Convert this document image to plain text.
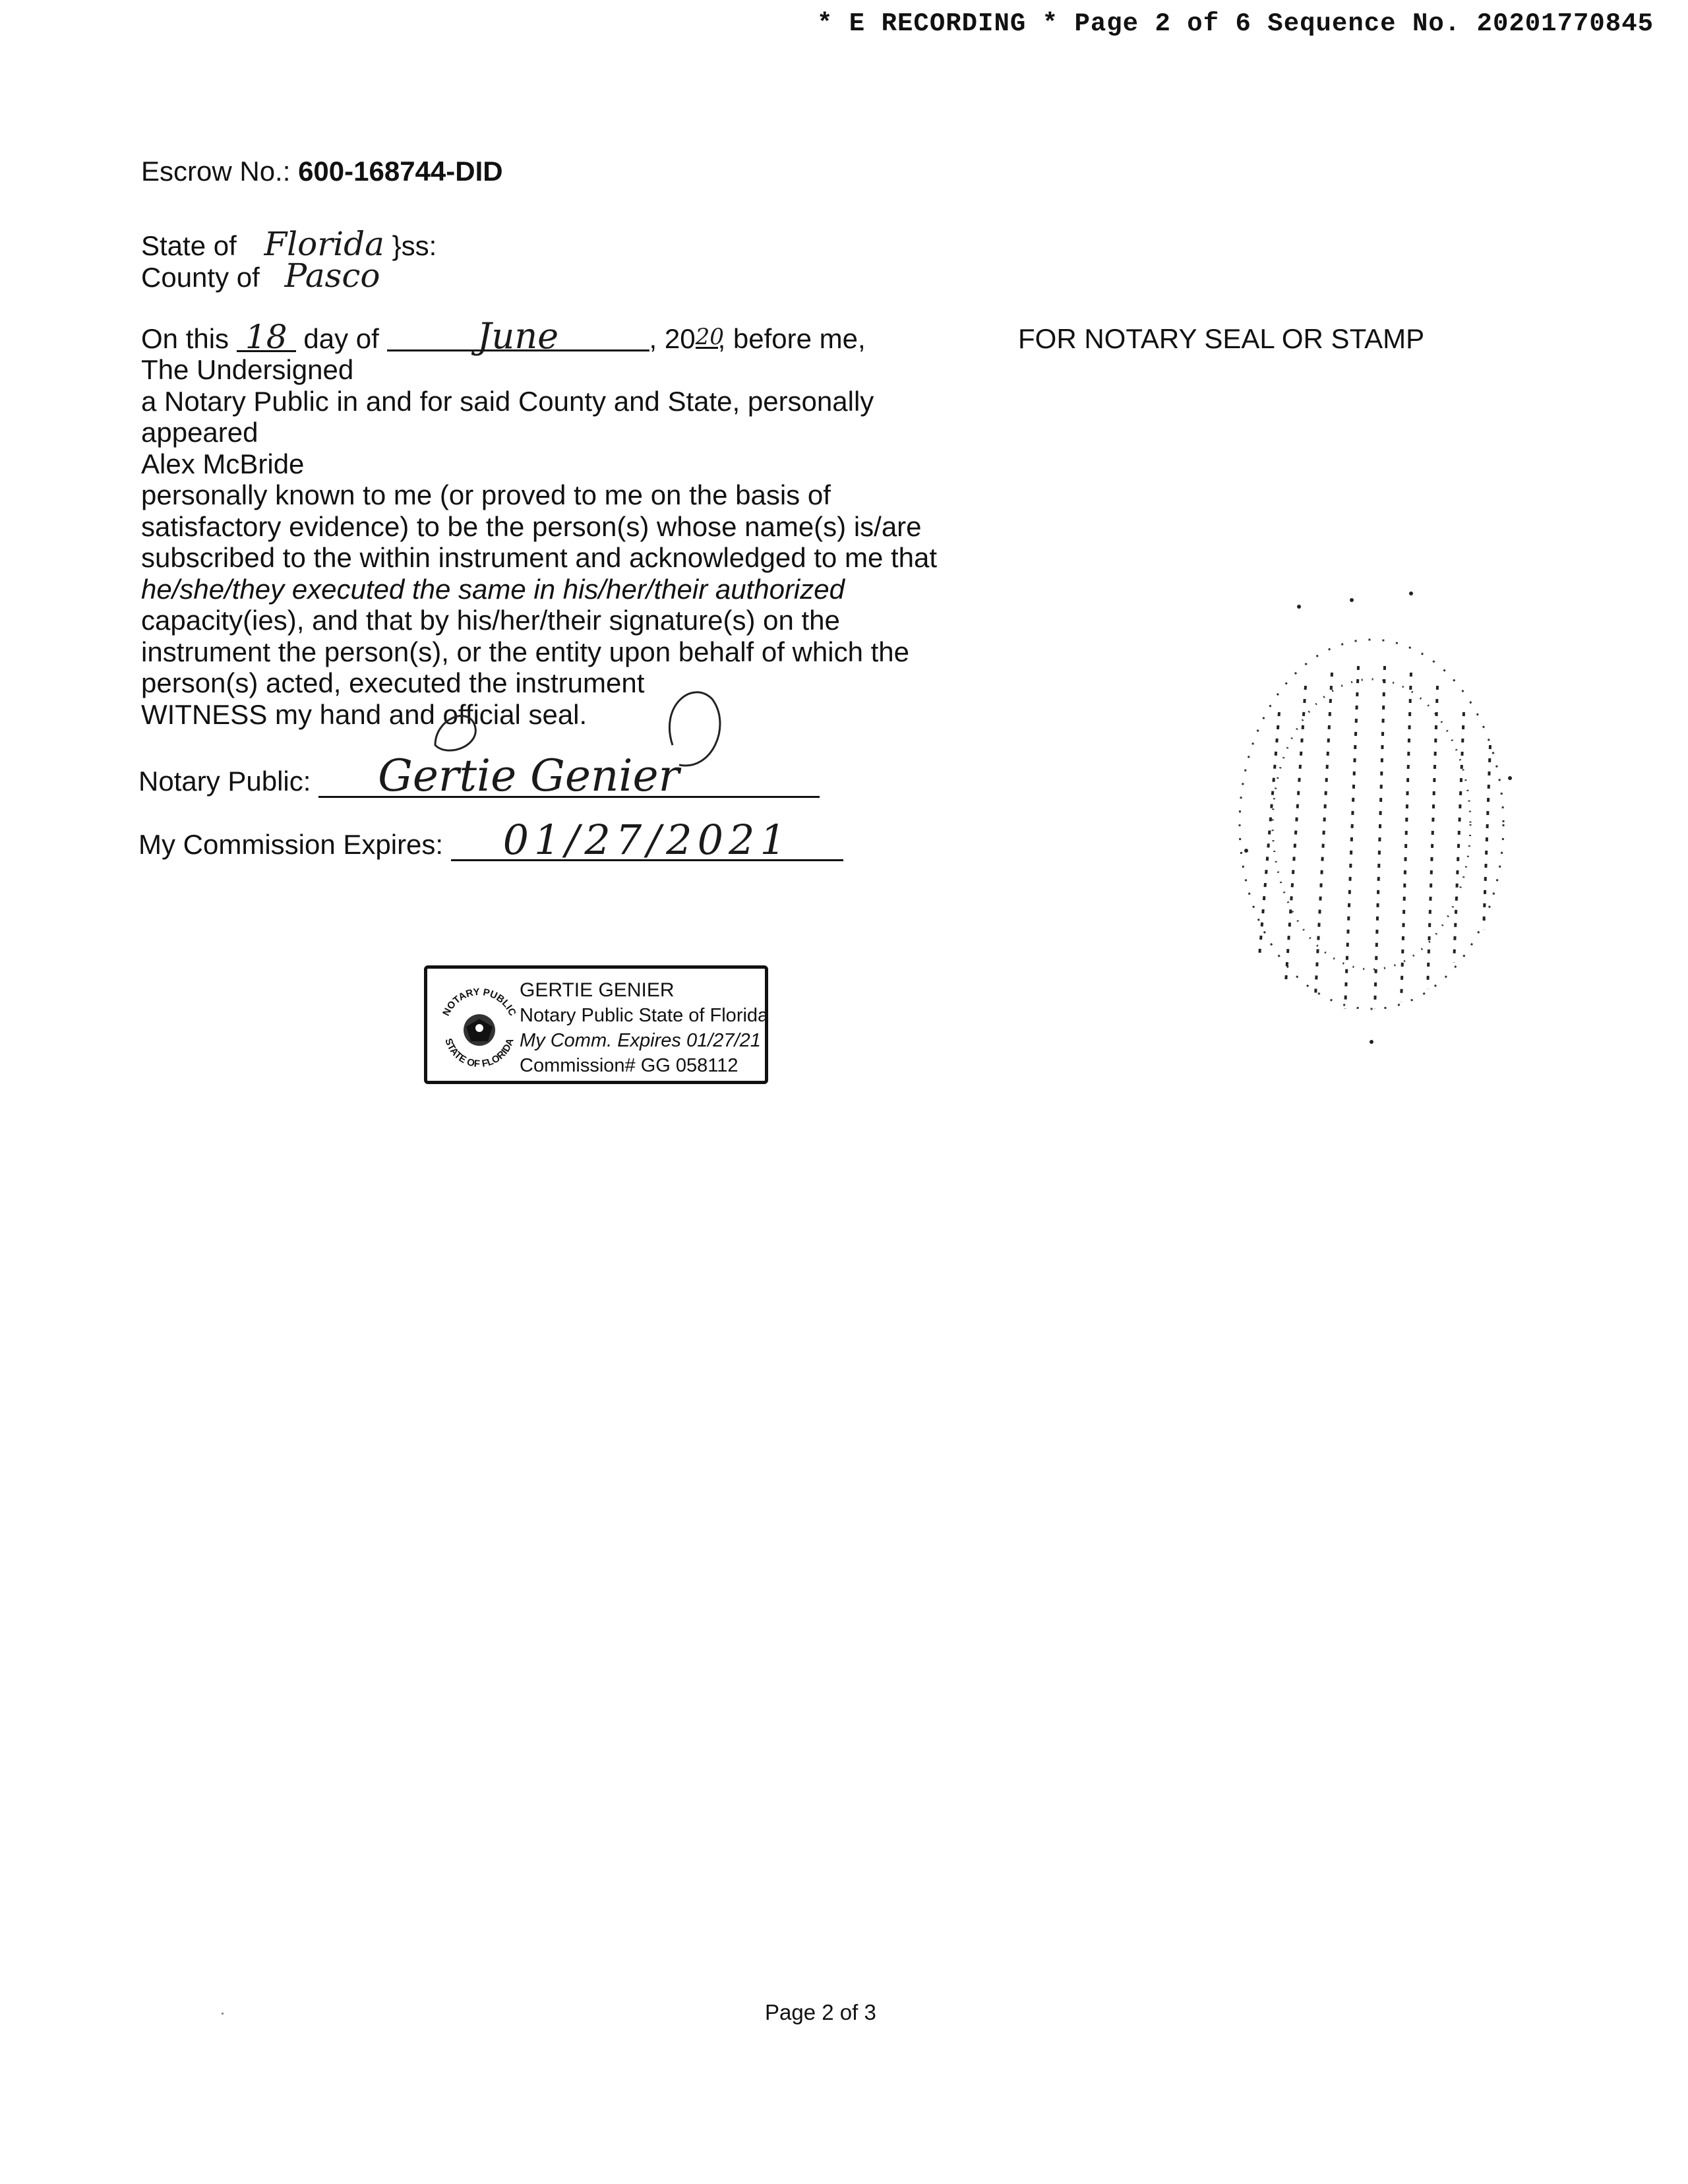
* E RECORDING * Page 2 of 6 Sequence No. 20201770845
Escrow No.: 600-168744-DID
State of Florida }ss:
County of Pasco
On this 18 day of	June	, 2020, before me,
The Undersigned
a Notary Public in and for said County and State, personally
appeared
Alex McBride
personally known to me (or proved to me on the basis of
satisfactory evidence) to be the person(s) whose name(s) is/are
subscribed to the within instrument and acknowledged to me that
he/she/they executed the same in his/her/their authorized
capacity(ies), and that by his/her/their signature(s) on the
instrument the person(s), or the entity upon behalf of which the
person(s) acted, executed the instrument
WITNESS my hand and official seal.
Notary Public: Gertie Genier
My Commission Expires: 01/27/2021
NOTARY PUBLIC
STATE OF FLORIDA
GERTIE GENIER
Notary Public State of Florida
My Comm. Expires 01/27/21
Commission# GG 058112
FOR NOTARY SEAL OR STAMP
Page 2 of 3
